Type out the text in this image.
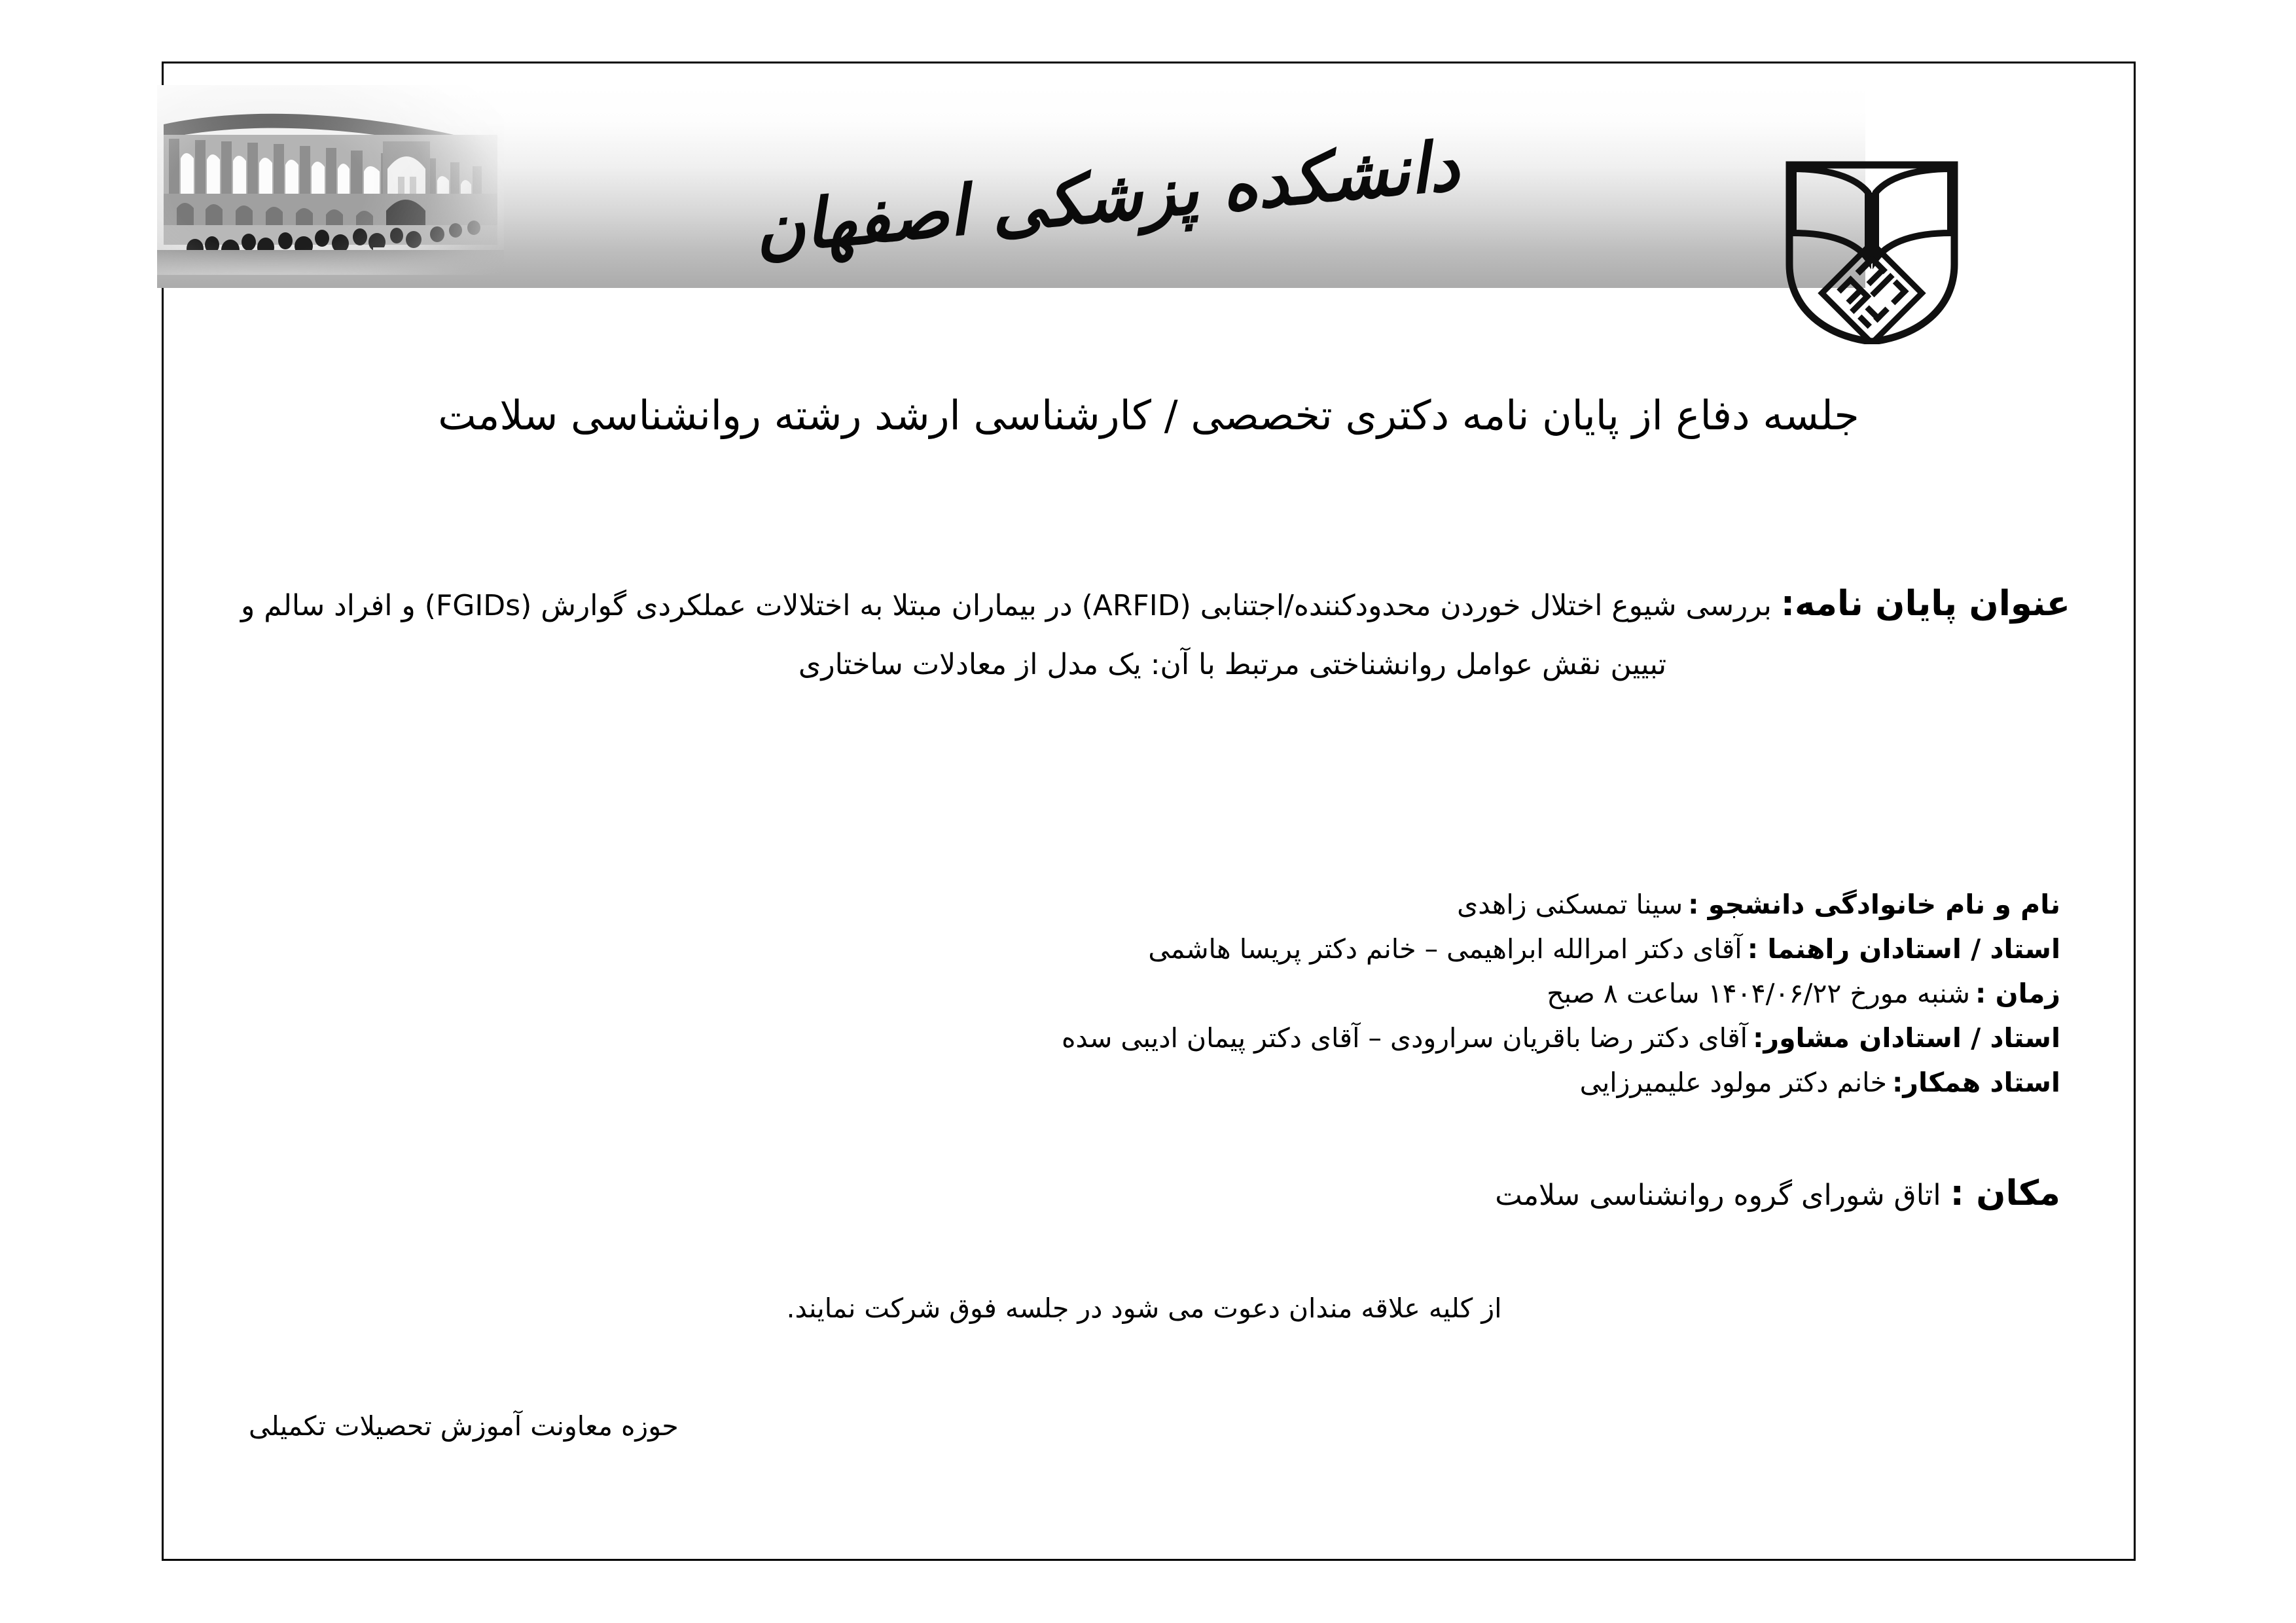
دانشکده پزشکی اصفهان
جلسه دفاع از پایان نامه دکتری تخصصی / کارشناسی ارشد رشته روانشناسی سلامت
عنوان پایان نامه: بررسی شیوع اختلال خوردن محدودکننده/اجتنابی (ARFID) در بیماران مبتلا به اختلالات عملکردی گوارش (FGIDs) و افراد سالم و
تبیین نقش عوامل روانشناختی مرتبط با آن: یک مدل از معادلات ساختاری
نام و نام خانوادگی دانشجو :
سینا تمسکنی زاهدی
استاد / استادان راهنما :
آقای دکتر امرالله ابراهیمی – خانم دکتر پریسا هاشمی
زمان :
شنبه مورخ ۱۴۰۴/۰۶/۲۲ ساعت ۸ صبح
استاد / استادان مشاور:
آقای دکتر رضا باقریان سرارودی – آقای دکتر پیمان ادیبی سده
استاد همکار:
خانم دکتر مولود علیمیرزایی
مکان : اتاق شورای گروه روانشناسی سلامت
از کلیه علاقه مندان دعوت می شود در جلسه فوق شرکت نمایند.
حوزه معاونت آموزش تحصیلات تکمیلی
